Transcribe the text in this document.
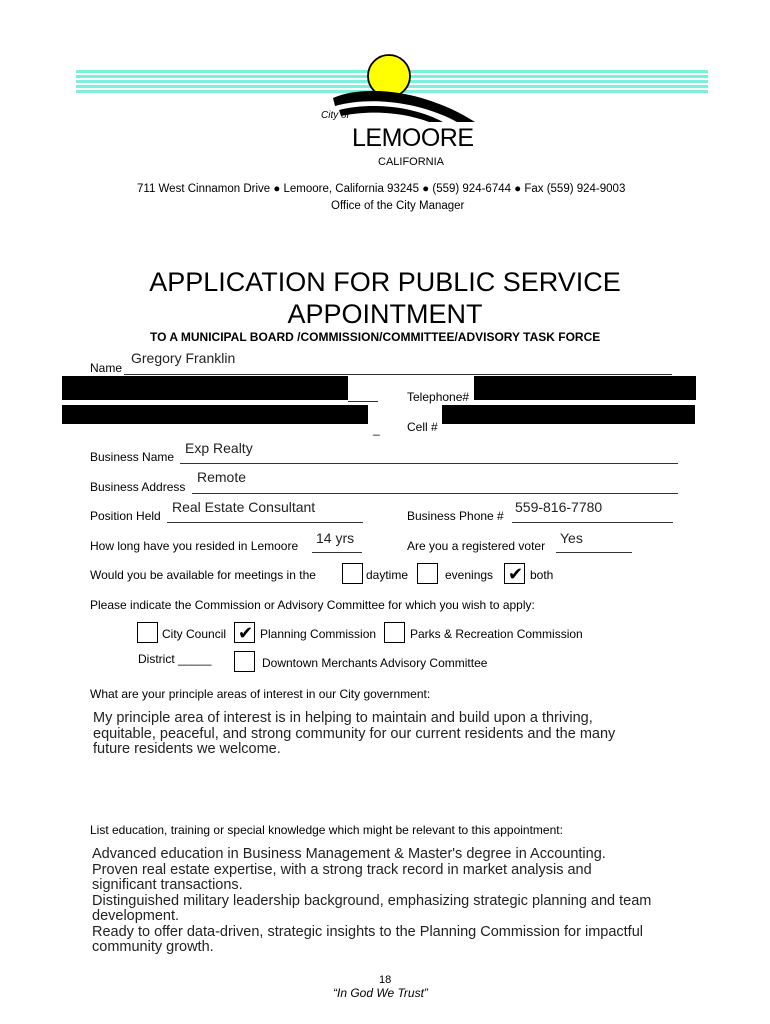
City of
LEMOORE
CALIFORNIA
711 West Cinnamon Drive ● Lemoore, California 93245 ● (559) 924-6744 ● Fax (559) 924-9003
Office of the City Manager
APPLICATION FOR PUBLIC SERVICE
APPOINTMENT
TO A MUNICIPAL BOARD /COMMISSION/COMMITTEE/ADVISORY TASK FORCE
Name
Gregory Franklin
Telephone#
_ Cell #
Business Name
Exp Realty
Business Address
Remote
Position Held
Real Estate Consultant
Business Phone #
559-816-7780
How long have you resided in Lemoore 14 yrs	Are you a registered voter Yes
Would you be available for meetings in the	daytime	evenings ✔ both
Please indicate the Commission or Advisory Committee for which you wish to apply:
City Council ✔ Planning Commission	Parks & Recreation Commission
District _____	Downtown Merchants Advisory Committee
What are your principle areas of interest in our City government:
My principle area of interest is in helping to maintain and build upon a thriving,
equitable, peaceful, and strong community for our current residents and the many
future residents we welcome.
List education, training or special knowledge which might be relevant to this appointment:
Advanced education in Business Management & Master's degree in Accounting.
Proven real estate expertise, with a strong track record in market analysis and
significant transactions.
Distinguished military leadership background, emphasizing strategic planning and team
development.
Ready to offer data-driven, strategic insights to the Planning Commission for impactful
community growth.
18
“In God We Trust”
